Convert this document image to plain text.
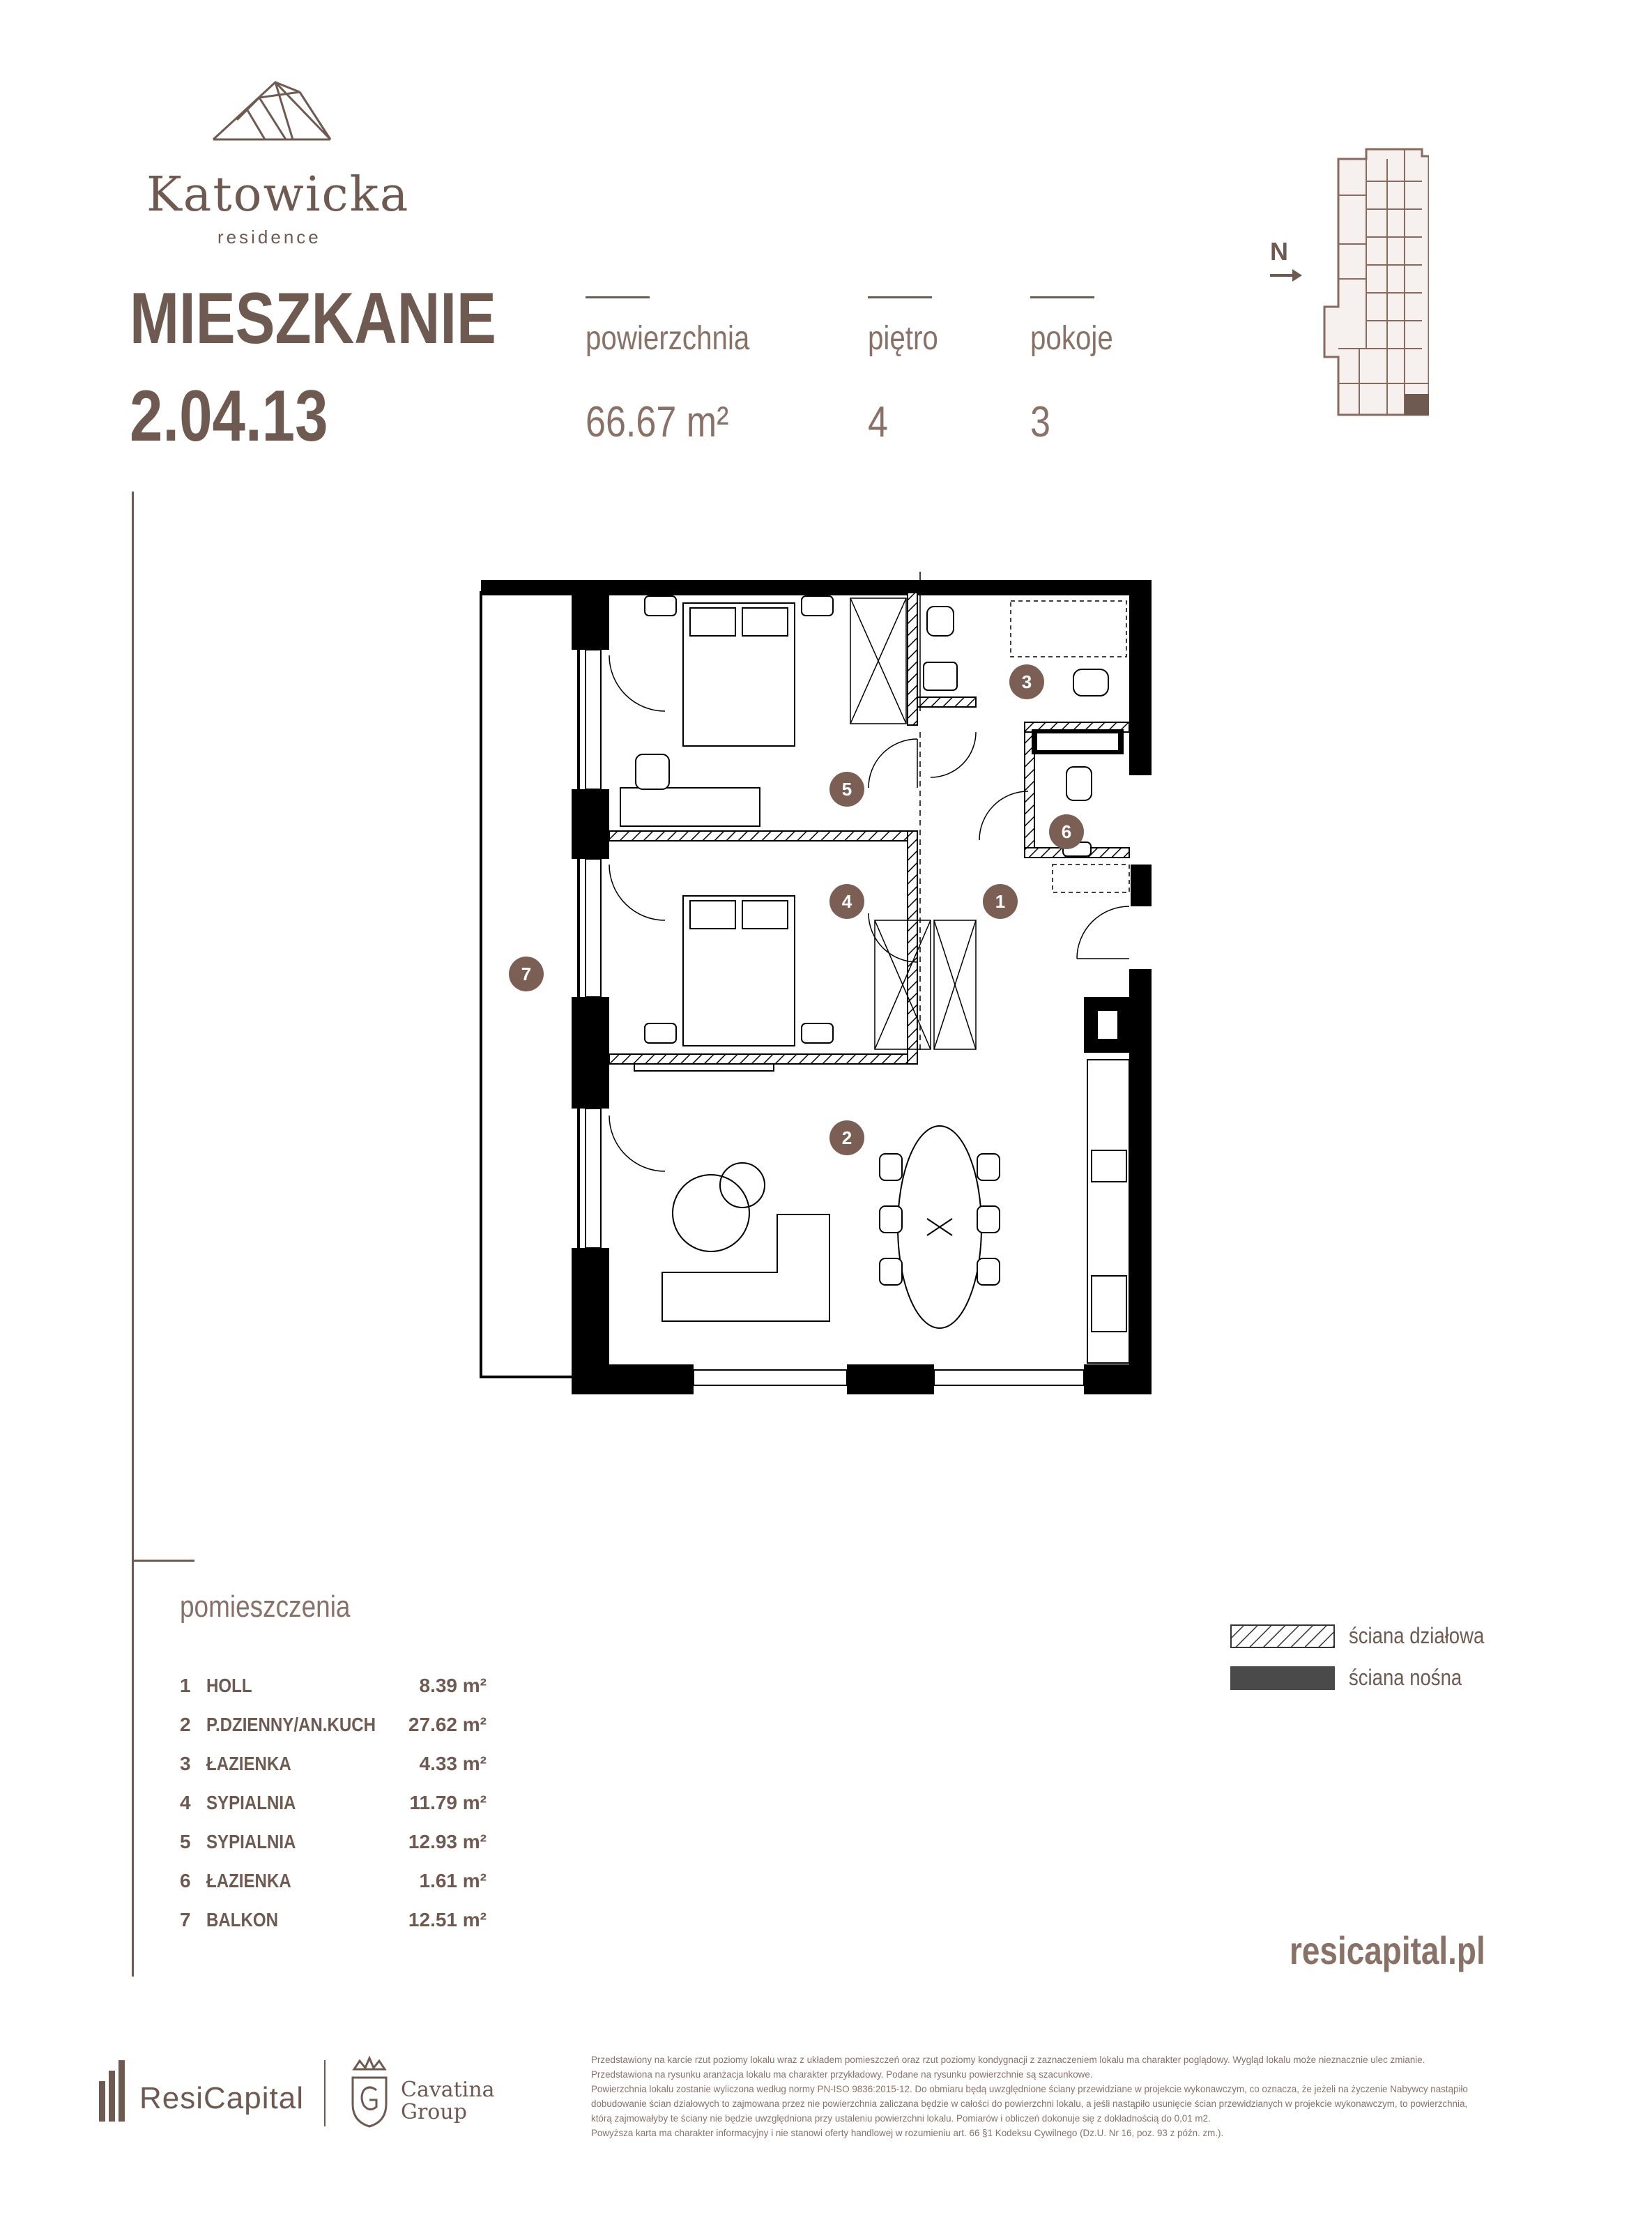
Katowicka
residence
MIESZKANIE
2.04.13
powierzchnia
66.67 m²
piętro
4
pokoje
3
N
1
2
3
4
5
6
7
pomieszczenia
1 HOLL	8.39 m²
2 P.DZIENNY/AN.KUCH 27.62 m²
3 ŁAZIENKA	4.33 m²
4 SYPIALNIA	11.79 m²
5 SYPIALNIA	12.93 m²
6 ŁAZIENKA	1.61 m²
7 BALKON	12.51 m²
ściana działowa
ściana nośna
resicapital.pl
ResiCapital	Cavatina
Group

Przedstawiony na karcie rzut poziomy lokalu wraz z układem pomieszczeń oraz rzut poziomy kondygnacji z zaznaczeniem lokalu ma charakter poglądowy. Wygląd lokalu może nieznacznie ulec zmianie.

Przedstawiona na rysunku aranżacja lokalu ma charakter przykładowy. Podane na rysunku powierzchnie są szacunkowe.

Powierzchnia lokalu zostanie wyliczona według normy PN-ISO 9836:2015-12. Do obmiaru będą uwzględnione ściany przewidziane w projekcie wykonawczym, co oznacza, że jeżeli na życzenie Nabywcy nastąpiło dobudowanie ścian działowych to zajmowana przez nie powierzchnia zaliczana będzie w całości do powierzchni lokalu, a jeśli nastąpiło usunięcie ścian przewidzianych w projekcie wykonawczym, to powierzchnia, którą zajmowałyby te ściany nie będzie uwzględniona przy ustaleniu powierzchni lokalu. Pomiarów i obliczeń dokonuje się z dokładnością do 0,01 m2.

Powyższa karta ma charakter informacyjny i nie stanowi oferty handlowej w rozumieniu art. 66 §1 Kodeksu Cywilnego (Dz.U. Nr 16, poz. 93 z późn. zm.).
